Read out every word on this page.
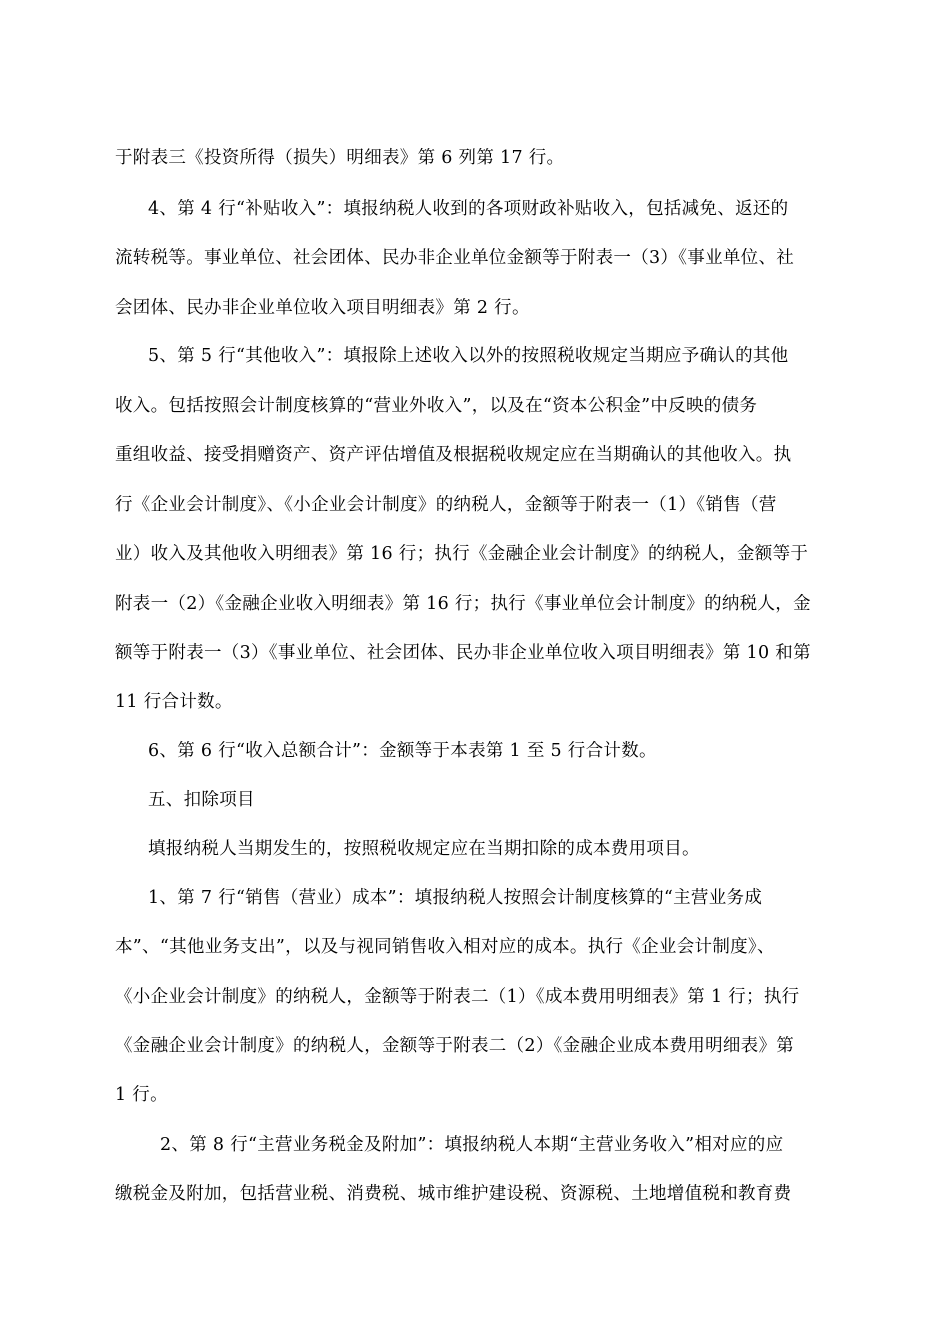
于附表三《投资所得（损失）明细表》第 6 列第 17 行。
4、第 4 行“补贴收入”：填报纳税人收到的各项财政补贴收入，包括减免、返还的
流转税等。事业单位、社会团体、民办非企业单位金额等于附表一（3）《事业单位、社
会团体、民办非企业单位收入项目明细表》第 2 行。
5、第 5 行“其他收入”：填报除上述收入以外的按照税收规定当期应予确认的其他
收入。包括按照会计制度核算的“营业外收入”，以及在“资本公积金”中反映的债务
重组收益、接受捐赠资产、资产评估增值及根据税收规定应在当期确认的其他收入。执
行《企业会计制度》、《小企业会计制度》的纳税人，金额等于附表一（1）《销售（营
业）收入及其他收入明细表》第 16 行；执行《金融企业会计制度》的纳税人，金额等于
附表一（2）《金融企业收入明细表》第 16 行；执行《事业单位会计制度》的纳税人，金
额等于附表一（3）《事业单位、社会团体、民办非企业单位收入项目明细表》第 10 和第
11 行合计数。
6、第 6 行“收入总额合计”：金额等于本表第 1 至 5 行合计数。
五、扣除项目
填报纳税人当期发生的，按照税收规定应在当期扣除的成本费用项目。
1、第 7 行“销售（营业）成本”：填报纳税人按照会计制度核算的“主营业务成
本”、“其他业务支出”，以及与视同销售收入相对应的成本。执行《企业会计制度》、
《小企业会计制度》的纳税人，金额等于附表二（1）《成本费用明细表》第 1 行；执行
《金融企业会计制度》的纳税人，金额等于附表二（2）《金融企业成本费用明细表》第
1 行。
2、第 8 行“主营业务税金及附加”：填报纳税人本期“主营业务收入”相对应的应
缴税金及附加，包括营业税、消费税、城市维护建设税、资源税、土地增值税和教育费
